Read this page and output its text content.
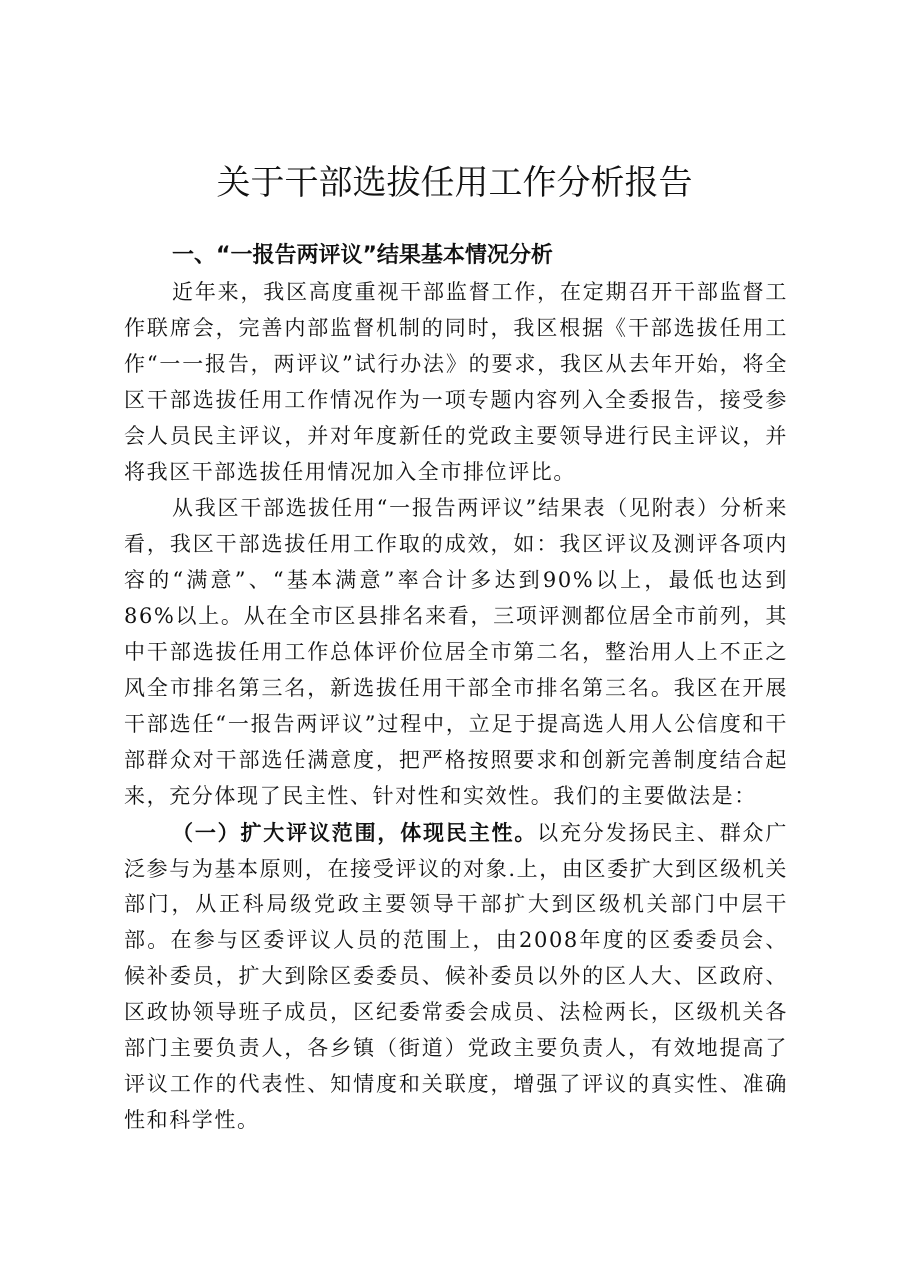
关于干部选拔任用工作分析报告
一、“一报告两评议”结果基本情况分析

近年来，我区高度重视干部监督工作，在定期召开干部监督工作联席会，完善内部监督机制的同时，我区根据《干部选拔任用工作“一一报告，两评议”试行办法》的要求，我区从去年开始，将全区干部选拔任用工作情况作为一项专题内容列入全委报告，接受参会人员民主评议，并对年度新任的党政主要领导进行民主评议，并将我区干部选拔任用情况加入全市排位评比。

从我区干部选拔任用“一报告两评议”结果表（见附表）分析来看，我区干部选拔任用工作取的成效，如：我区评议及测评各项内容的“满意”、“基本满意”率合计多达到90%以上，最低也达到86%以上。从在全市区县排名来看，三项评测都位居全市前列，其中干部选拔任用工作总体评价位居全市第二名，整治用人上不正之风全市排名第三名，新选拔任用干部全市排名第三名。我区在开展干部选任“一报告两评议”过程中，立足于提高选人用人公信度和干部群众对干部选任满意度，把严格按照要求和创新完善制度结合起来，充分体现了民主性、针对性和实效性。我们的主要做法是：

（一）扩大评议范围，体现民主性。以充分发扬民主、群众广泛参与为基本原则，在接受评议的对象.上，由区委扩大到区级机关部门，从正科局级党政主要领导干部扩大到区级机关部门中层干部。在参与区委评议人员的范围上，由2008年度的区委委员会、候补委员，扩大到除区委委员、候补委员以外的区人大、区政府、区政协领导班子成员，区纪委常委会成员、法检两长，区级机关各部门主要负责人，各乡镇（街道）党政主要负责人，有效地提高了评议工作的代表性、知情度和关联度，增强了评议的真实性、准确性和科学性。
